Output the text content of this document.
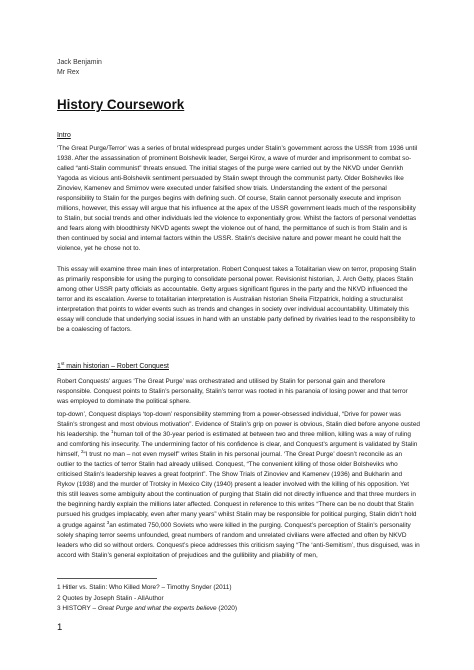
Jack Benjamin
Mr Rex
History Coursework
Intro

‘The Great Purge/Terror’ was a series of brutal widespread purges under Stalin’s government across the USSR from 1936 until 1938. After the assassination of prominent Bolshevik leader, Sergei Kirov, a wave of murder and imprisonment to combat so-called “anti-Stalin communist” threats ensued. The initial stages of the purge were carried out by the NKVD under Genrikh Yagoda as vicious anti-Bolshevik sentiment persuaded by Stalin swept through the communist party. Older Bolsheviks like Zinoviev, Kamenev and Smirnov were executed under falsified show trials. Understanding the extent of the personal responsibility to Stalin for the purges begins with defining such. Of course, Stalin cannot personally execute and imprison millions, however, this essay will argue that his influence at the apex of the USSR government leads much of the responsibility to Stalin, but social trends and other individuals led the violence to exponentially grow. Whilst the factors of personal vendettas and fears along with bloodthirsty NKVD agents swept the violence out of hand, the permittance of such is from Stalin and is then continued by social and internal factors within the USSR. Stalin’s decisive nature and power meant he could halt the violence, yet he chose not to.

This essay will examine three main lines of interpretation. Robert Conquest takes a Totalitarian view on terror, proposing Stalin as primarily responsible for using the purging to consolidate personal power. Revisionist historian, J. Arch Getty, places Stalin among other USSR party officials as accountable. Getty argues significant figures in the party and the NKVD influenced the terror and its escalation. Averse to totalitarian interpretation is Australian historian Sheila Fitzpatrick, holding a structuralist interpretation that points to wider events such as trends and changes in society over individual accountability. Ultimately this essay will conclude that underlying social issues in hand with an unstable party defined by rivalries lead to the responsibility to be a coalescing of factors.

1st main historian – Robert Conquest

Robert Conquests’ argues ‘The Great Purge’ was orchestrated and utilised by Stalin for personal gain and therefore responsible. Conquest points to Stalin’s personality, Stalin’s terror was rooted in his paranoia of losing power and that terror was employed to dominate the political sphere.

top-down’, Conquest displays ‘top-down’ responsibility stemming from a power-obsessed individual, “Drive for power was Stalin’s strongest and most obvious motivation”. Evidence of Stalin’s grip on power is obvious, Stalin died before anyone ousted his leadership. the $^1$human toll of the 30-year period is estimated at between two and three million, killing was a way of ruling and comforting his insecurity. The undermining factor of his confidence is clear, and Conquest’s argument is validated by Stalin himself, $^2$“I trust no man – not even myself” writes Stalin in his personal journal. ‘The Great Purge’ doesn’t reconcile as an outlier to the tactics of terror Stalin had already utilised. Conquest, “The convenient killing of those older Bolsheviks who criticised Stalin’s leadership leaves a great footprint”. The Show Trials of Zinoviev and Kamenev (1936) and Bukharin and Rykov (1938) and the murder of Trotsky in Mexico City (1940) present a leader involved with the killing of his opposition. Yet this still leaves some ambiguity about the continuation of purging that Stalin did not directly influence and that three murders in the beginning hardly explain the millions later affected. Conquest in reference to this writes “There can be no doubt that Stalin pursued his grudges implacably, even after many years” whilst Stalin may be responsible for political purging, Stalin didn’t hold a grudge against $^3$an estimated 750,000 Soviets who were killed in the purging. Conquest’s perception of Stalin’s personality solely shaping terror seems unfounded, great numbers of random and unrelated civilians were affected and often by NKVD leaders who did so without orders. Conquest’s piece addresses this criticism saying “The ‘anti-Semitism’, thus disguised, was in accord with Stalin’s general exploitation of prejudices and the gullibility and pliability of men,

1 Hitler vs. Stalin: Who Killed More? – Timothy Snyder (2011)
2 Quotes by Joseph Stalin - AllAuthor
3 HISTORY – Great Purge and what the experts believe (2020)
1
